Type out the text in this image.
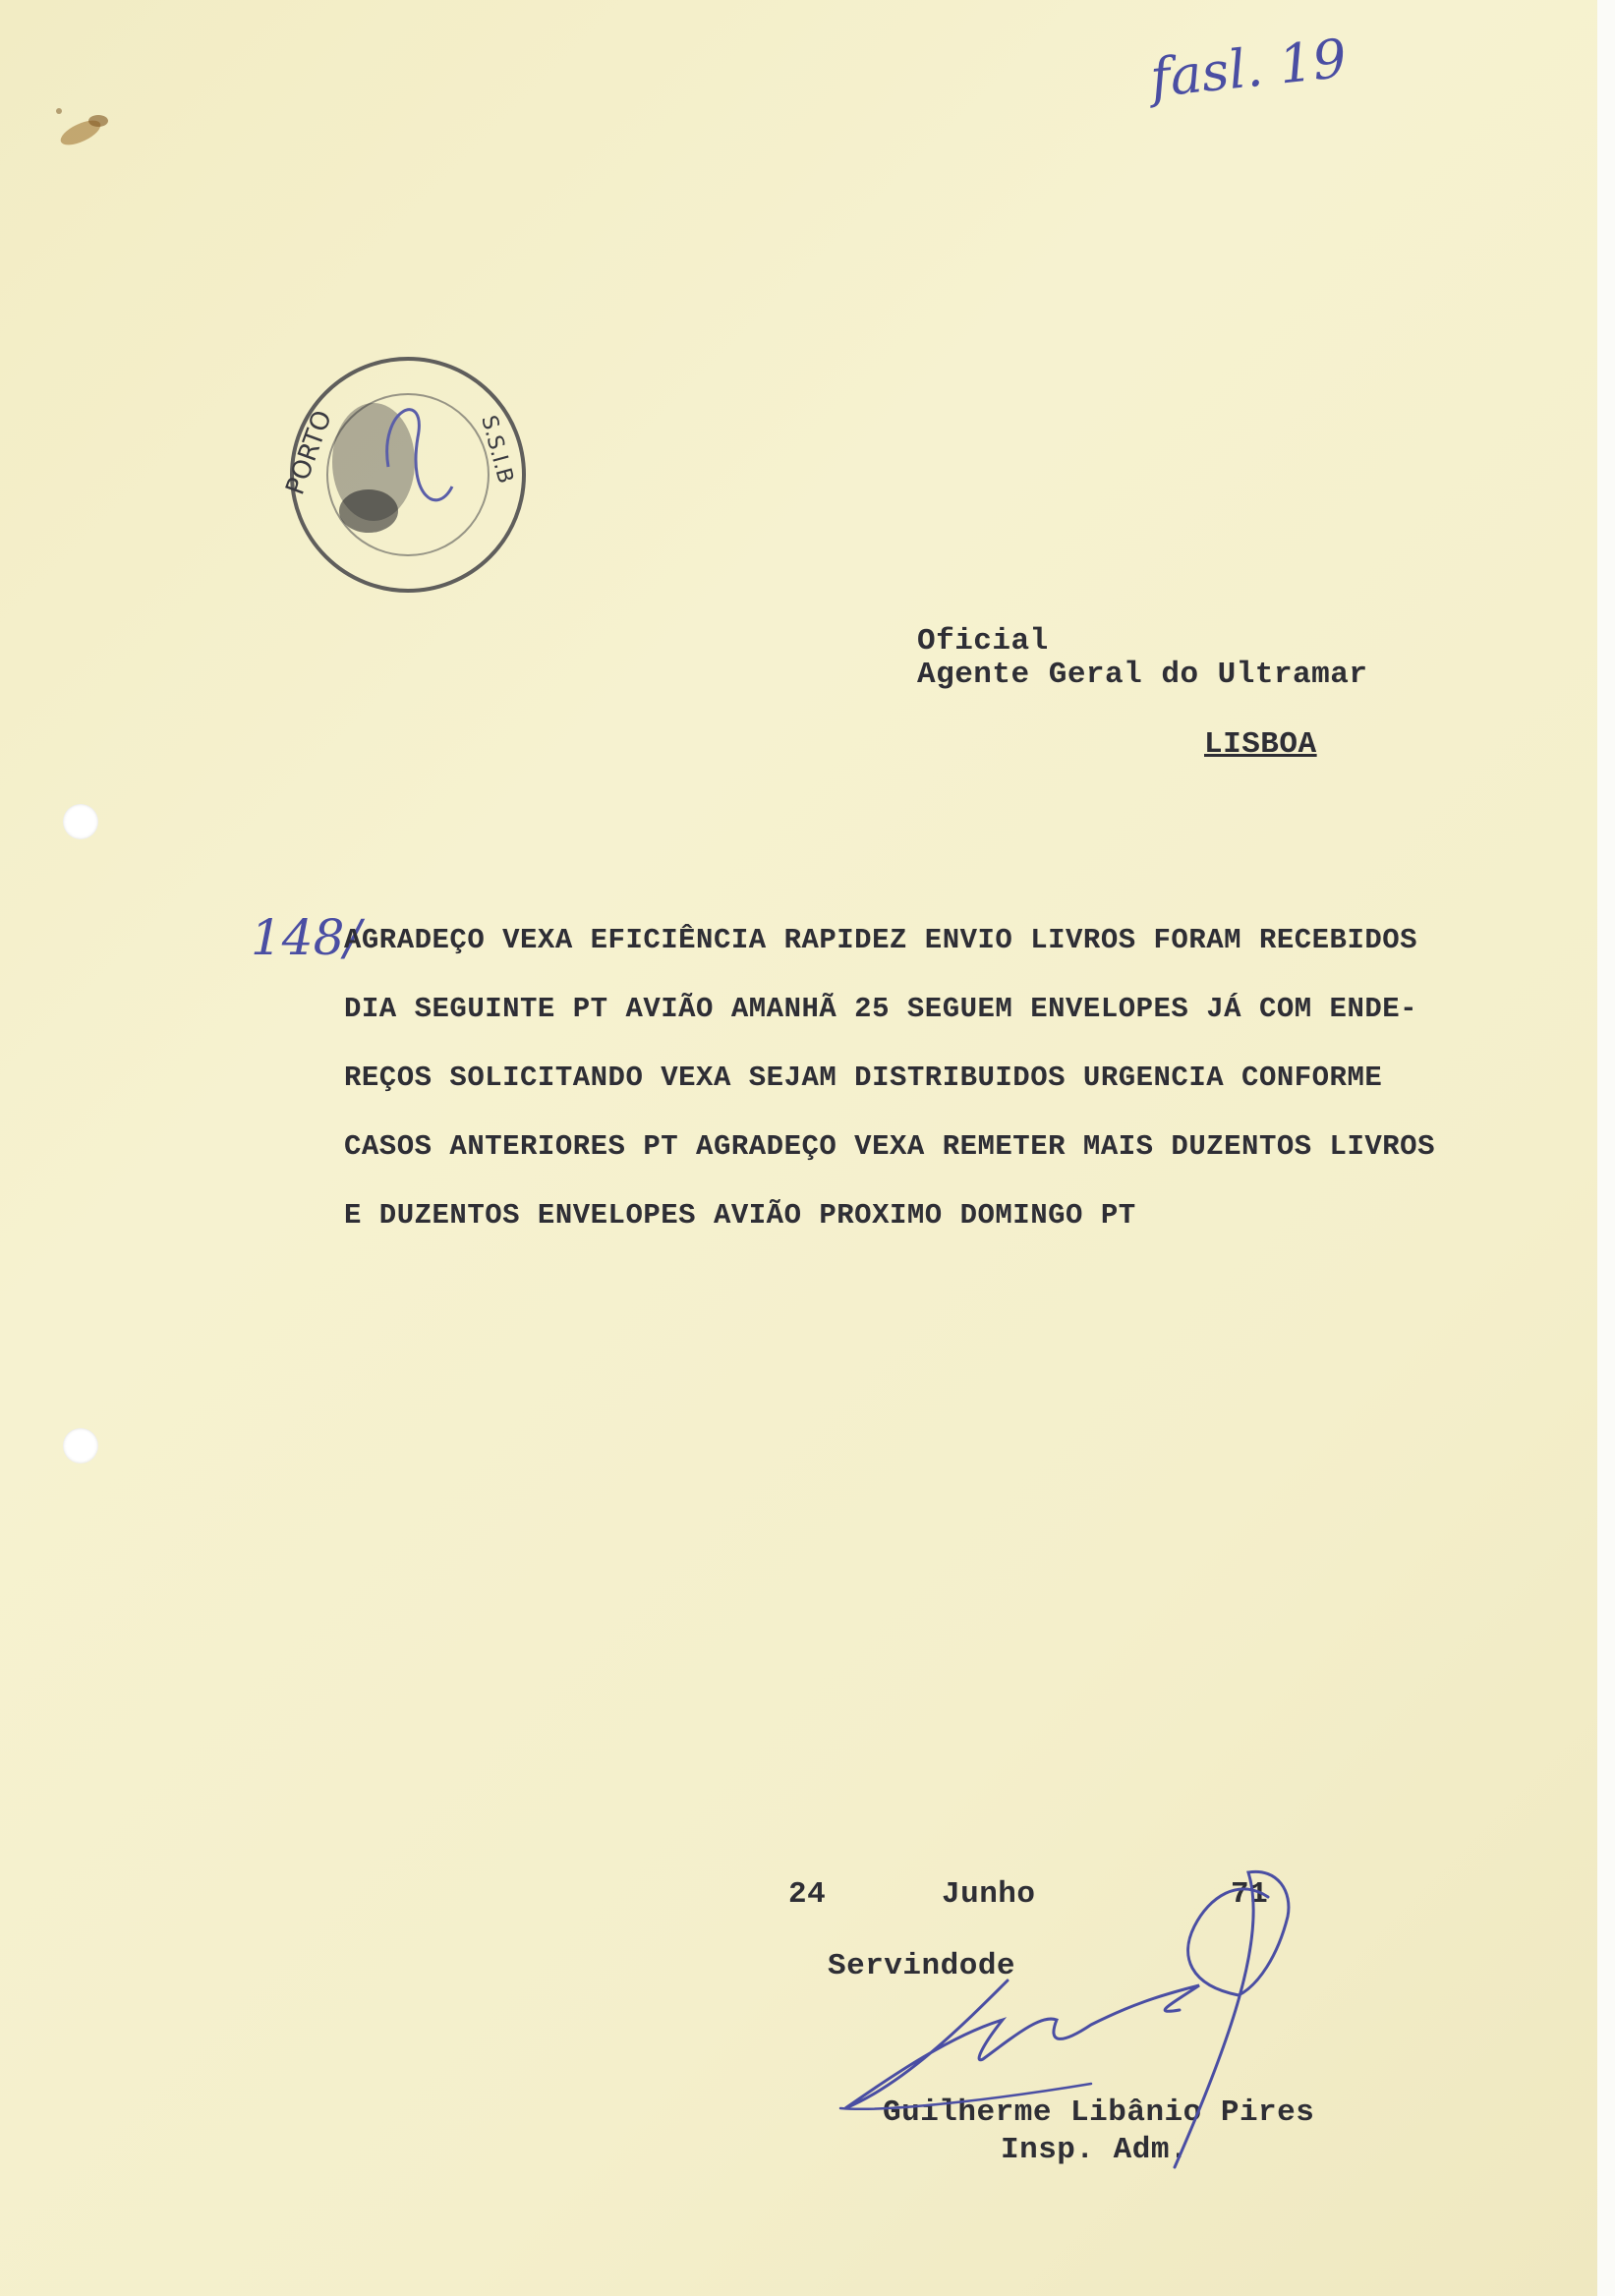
fasl. 19
PORTO	S.S.I.B
Oficial
Agente Geral do Ultramar
LISBOA
148/
AGRADEÇO VEXA EFICIÊNCIA RAPIDEZ ENVIO LIVROS FORAM RECEBIDOS
DIA SEGUINTE PT AVIÃO AMANHÃ 25 SEGUEM ENVELOPES JÁ COM ENDE-
REÇOS SOLICITANDO VEXA SEJAM DISTRIBUIDOS URGENCIA CONFORME
CASOS ANTERIORES PT AGRADEÇO VEXA REMETER MAIS DUZENTOS LIVROS
E DUZENTOS ENVELOPES AVIÃO PROXIMO DOMINGO PT
24	Junho	71
Servindode
Guilherme Libânio Pires
Insp. Adm.
